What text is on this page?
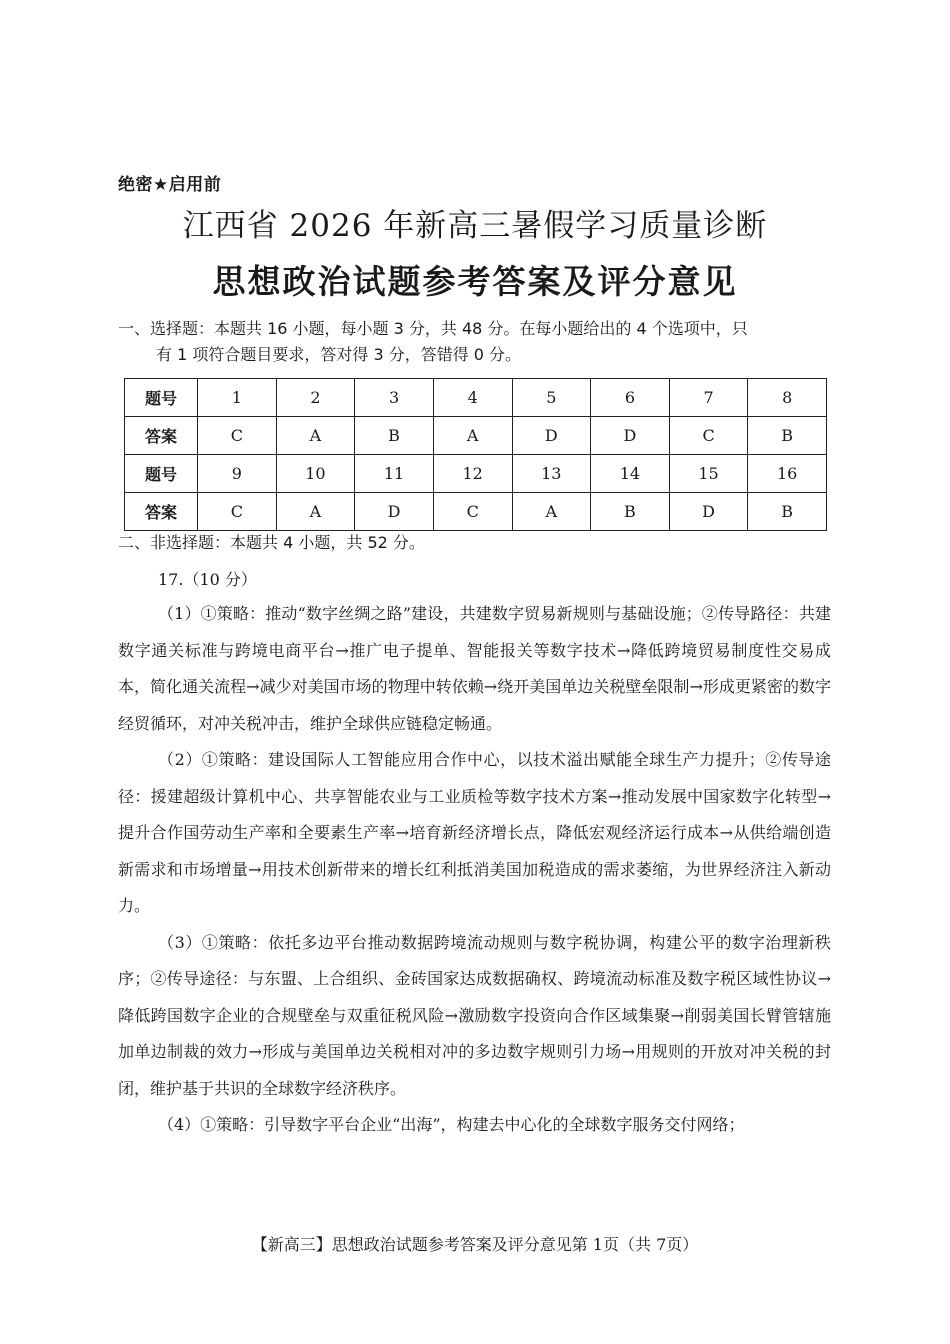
绝密★启用前
江西省 2026 年新高三暑假学习质量诊断
思想政治试题参考答案及评分意见
一、选择题：本题共 16 小题，每小题 3 分，共 48 分。在每小题给出的 4 个选项中，只
有 1 项符合题目要求，答对得 3 分，答错得 0 分。
题号	1	2	3	4	5	6	7	8
答案	C	A	B	A	D	D	C	B
题号	9	10	11	12	13	14	15	16
答案	C	A	D	C	A	B	D	B
二、非选择题：本题共 4 小题，共 52 分。
17.（10 分）

（1）①策略：推动“数字丝绸之路”建设，共建数字贸易新规则与基础设施；②传导路径：共建数字通关标准与跨境电商平台→推广电子提单、智能报关等数字技术→降低跨境贸易制度性交易成本，简化通关流程→减少对美国市场的物理中转依赖→绕开美国单边关税壁垒限制→形成更紧密的数字经贸循环，对冲关税冲击，维护全球供应链稳定畅通。

（2）①策略：建设国际人工智能应用合作中心，以技术溢出赋能全球生产力提升；②传导途径：援建超级计算机中心、共享智能农业与工业质检等数字技术方案→推动发展中国家数字化转型→提升合作国劳动生产率和全要素生产率→培育新经济增长点，降低宏观经济运行成本→从供给端创造新需求和市场增量→用技术创新带来的增长红利抵消美国加税造成的需求萎缩，为世界经济注入新动力。

（3）①策略：依托多边平台推动数据跨境流动规则与数字税协调，构建公平的数字治理新秩序；②传导途径：与东盟、上合组织、金砖国家达成数据确权、跨境流动标准及数字税区域性协议→降低跨国数字企业的合规壁垒与双重征税风险→激励数字投资向合作区域集聚→削弱美国长臂管辖施加单边制裁的效力→形成与美国单边关税相对冲的多边数字规则引力场→用规则的开放对冲关税的封闭，维护基于共识的全球数字经济秩序。

（4）①策略：引导数字平台企业“出海”，构建去中心化的全球数字服务交付网络；

【新高三】思想政治试题参考答案及评分意见第 1页（共 7页）
